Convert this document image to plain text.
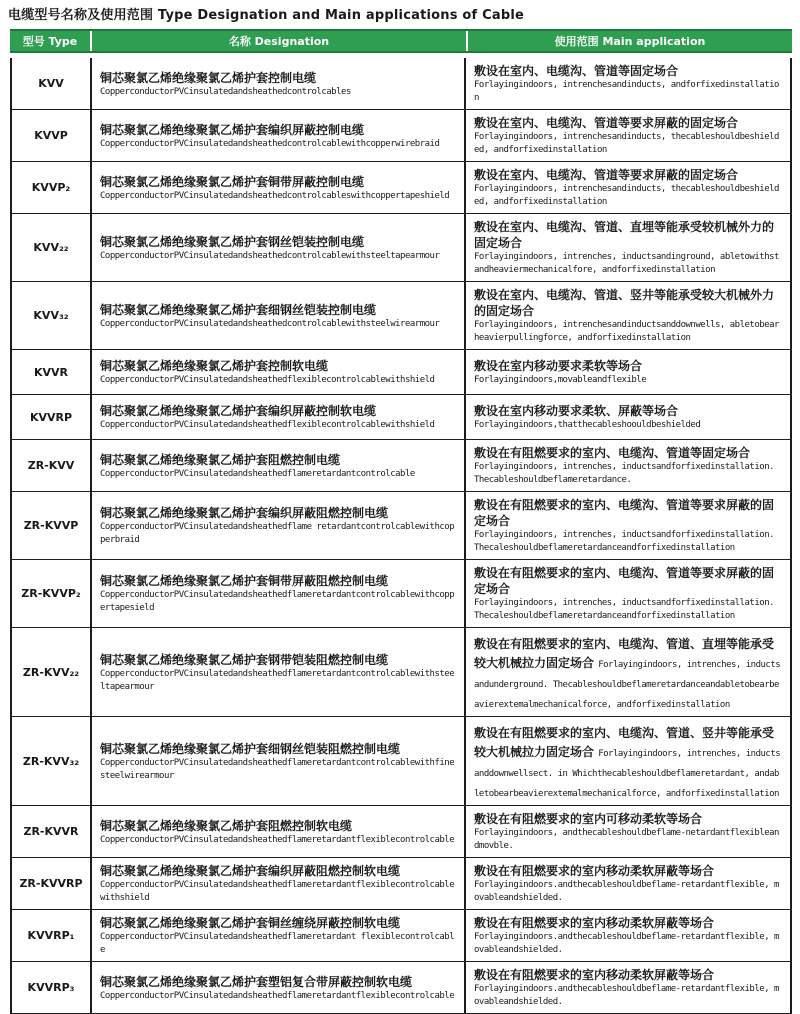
电缆型号名称及使用范围 Type Designation and Main applications of Cable
型号 Type	名称 Designation	使用范围 Main application
KVV	铜芯聚氯乙烯绝缘聚氯乙烯护套控制电缆
CopperconductorPVCinsulatedandsheathedcontrolcables
敷设在室内、电缆沟、管道等固定场合
Forlayingindoors, intrenchesandinducts, andforfixedinstallation
KVVP	铜芯聚氯乙烯绝缘聚氯乙烯护套编织屏蔽控制电缆
CopperconductorPVCinsulatedandsheathedcontrolcablewithcopperwirebraid
敷设在室内、电缆沟、管道等要求屏蔽的固定场合
Forlayingindoors, intrenchesandinducts, thecableshouldbeshielded, andforfixedinstallation
KVVP₂ 铜芯聚氯乙烯绝缘聚氯乙烯护套铜带屏蔽控制电缆
CopperconductorPVCinsulatedandsheathedcontrolcableswithcoppertapeshield
敷设在室内、电缆沟、管道等要求屏蔽的固定场合
Forlayingindoors, intrenchesandinducts, thecableshouldbeshielded, andforfixedinstallation
KVV₂₂	铜芯聚氯乙烯绝缘聚氯乙烯护套钢丝铠装控制电缆
CopperconductorPVCinsulatedandsheathedcontrolcablewithsteeltapearmour
敷设在室内、电缆沟、管道、直埋等能承受较机械外力的 固定场合
Forlayingindoors, intrenches, inductsandinground, abletowithstandheaviermechanicalfore, andforfixedinstallation
KVV₃₂	铜芯聚氯乙烯绝缘聚氯乙烯护套细钢丝铠装控制电缆
CopperconductorPVCinsulatedandsheathedcontrolcablewithsteelwirearmour
敷设在室内、电缆沟、管道、竖井等能承受较大机械外力的固定场合
Forlayingindoors, intrenchesandinductsanddownwells, abletobearheavierpullingforce, andforfixedinstallation
KVVR	铜芯聚氯乙烯绝缘聚氯乙烯护套控制软电缆
CopperconductorPVCinsulatedandsheathedflexiblecontrolcablewithshield
敷设在室内移动要求柔软等场合
Forlayingindoors,movableandflexible
KVVRP 铜芯聚氯乙烯绝缘聚氯乙烯护套编织屏蔽控制软电缆
CopperconductorPVCinsulatedandsheathedflexiblecontrolcablewithshield
敷设在室内移动要求柔软、屏蔽等场合
Forlayingindoors,thatthecableshoouldbeshielded
ZR-KVV 铜芯聚氯乙烯绝缘聚氯乙烯护套阻燃控制电缆
CopperconductorPVCinsulatedandsheathedflameretardantcontrolcable
敷设在有阻燃要求的室内、电缆沟、管道等固定场合
Forlayingindoors, intrenches, inductsandforfixedinstallation. Thecableshouldbeflameretardance.
ZR-KVVP
铜芯聚氯乙烯绝缘聚氯乙烯护套编织屏蔽阻燃控制电缆
CopperconductorPVCinsulatedandsheathedflame retardantcontrolcablewithcopperbraid
敷设在有阻燃要求的室内、电缆沟、管道等要求屏蔽的固定场合
Forlayingindoors, intrenches, inductsandforfixedinstallation. Thecaleshouldbeflameretardanceandforfixedinstallation
ZR-KVVP₂
铜芯聚氯乙烯绝缘聚氯乙烯护套铜带屏蔽阻燃控制电缆
CopperconductorPVCinsulatedandsheathedflameretardantcontrolcablewithcoppertapesield
敷设在有阻燃要求的室内、电缆沟、管道等要求屏蔽的固定场合
Forlayingindoors, intrenches, inductsandforfixedinstallation. Thecaleshouldbeflameretardanceandforfixedinstallation
ZR-KVV₂₂
铜芯聚氯乙烯绝缘聚氯乙烯护套钢带铠装阻燃控制电缆
CopperconductorPVCinsulatedandsheathedflameretardantcontrolcablewithsteeltapearmour
敷设在有阻燃要求的室内、电缆沟、管道、直埋等能承受较大机械拉力固定场合 Forlayingindoors, intrenches, inductsandunderground. Thecableshouldbeflameretardanceandabletobearbeavierextemalmechanicalforce, andforfixedinstallation
ZR-KVV₃₂
铜芯聚氯乙烯绝缘聚氯乙烯护套细钢丝铠装阻燃控制电缆
CopperconductorPVCinsulatedandsheathedflameretardantcontrolcablewithfinesteelwirearmour
敷设在有阻燃要求的室内、电缆沟、管道、竖井等能承受较大机械拉力固定场合 Forlayingindoors, intrenches, inductsanddownwellsect. in Whichthecableshouldbeflameretardant, andabletobearbeavierextemalmechanicalforce, andforfixedinstallation
ZR-KVVR 铜芯聚氯乙烯绝缘聚氯乙烯护套阻燃控制软电缆
CopperconductorPVCinsulatedandsheathedflameretardantflexiblecontrolcable
敷设在有阻燃要求的室内可移动柔软等场合
Forlayingindoors, andthecableshouldbeflame-netardantflexibleandmovble.
ZR-KVVRP
铜芯聚氯乙烯绝缘聚氯乙烯护套编织屏蔽阻燃控制软电缆
CopperconductorPVCinsulatedandsheathedflameretardantflexiblecontrolcablewithshield
敷设在有阻燃要求的室内移动柔软屏蔽等场合
Forlayingindoors.andthecableshouldbeflame-retardantflexible, movableandshielded.
KVVRP₁
铜芯聚氯乙烯绝缘聚氯乙烯护套铜丝缠绕屏蔽控制软电缆
CopperconductorPVCinsulatedandsheathedflameretardant flexiblecontrolcable
敷设在有阻燃要求的室内移动柔软屏蔽等场合
Forlayingindoors.andthecableshouldbeflame-retardantflexible, movableandshielded.
KVVRP₃ 铜芯聚氯乙烯绝缘聚氯乙烯护套塑铝复合带屏蔽控制软电缆
CopperconductorPVCinsulatedandsheathedflameretardantflexiblecontrolcable
敷设在有阻燃要求的室内移动柔软屏蔽等场合
Forlayingindoors.andthecableshouldbeflame-retardantflexible, movableandshielded.
